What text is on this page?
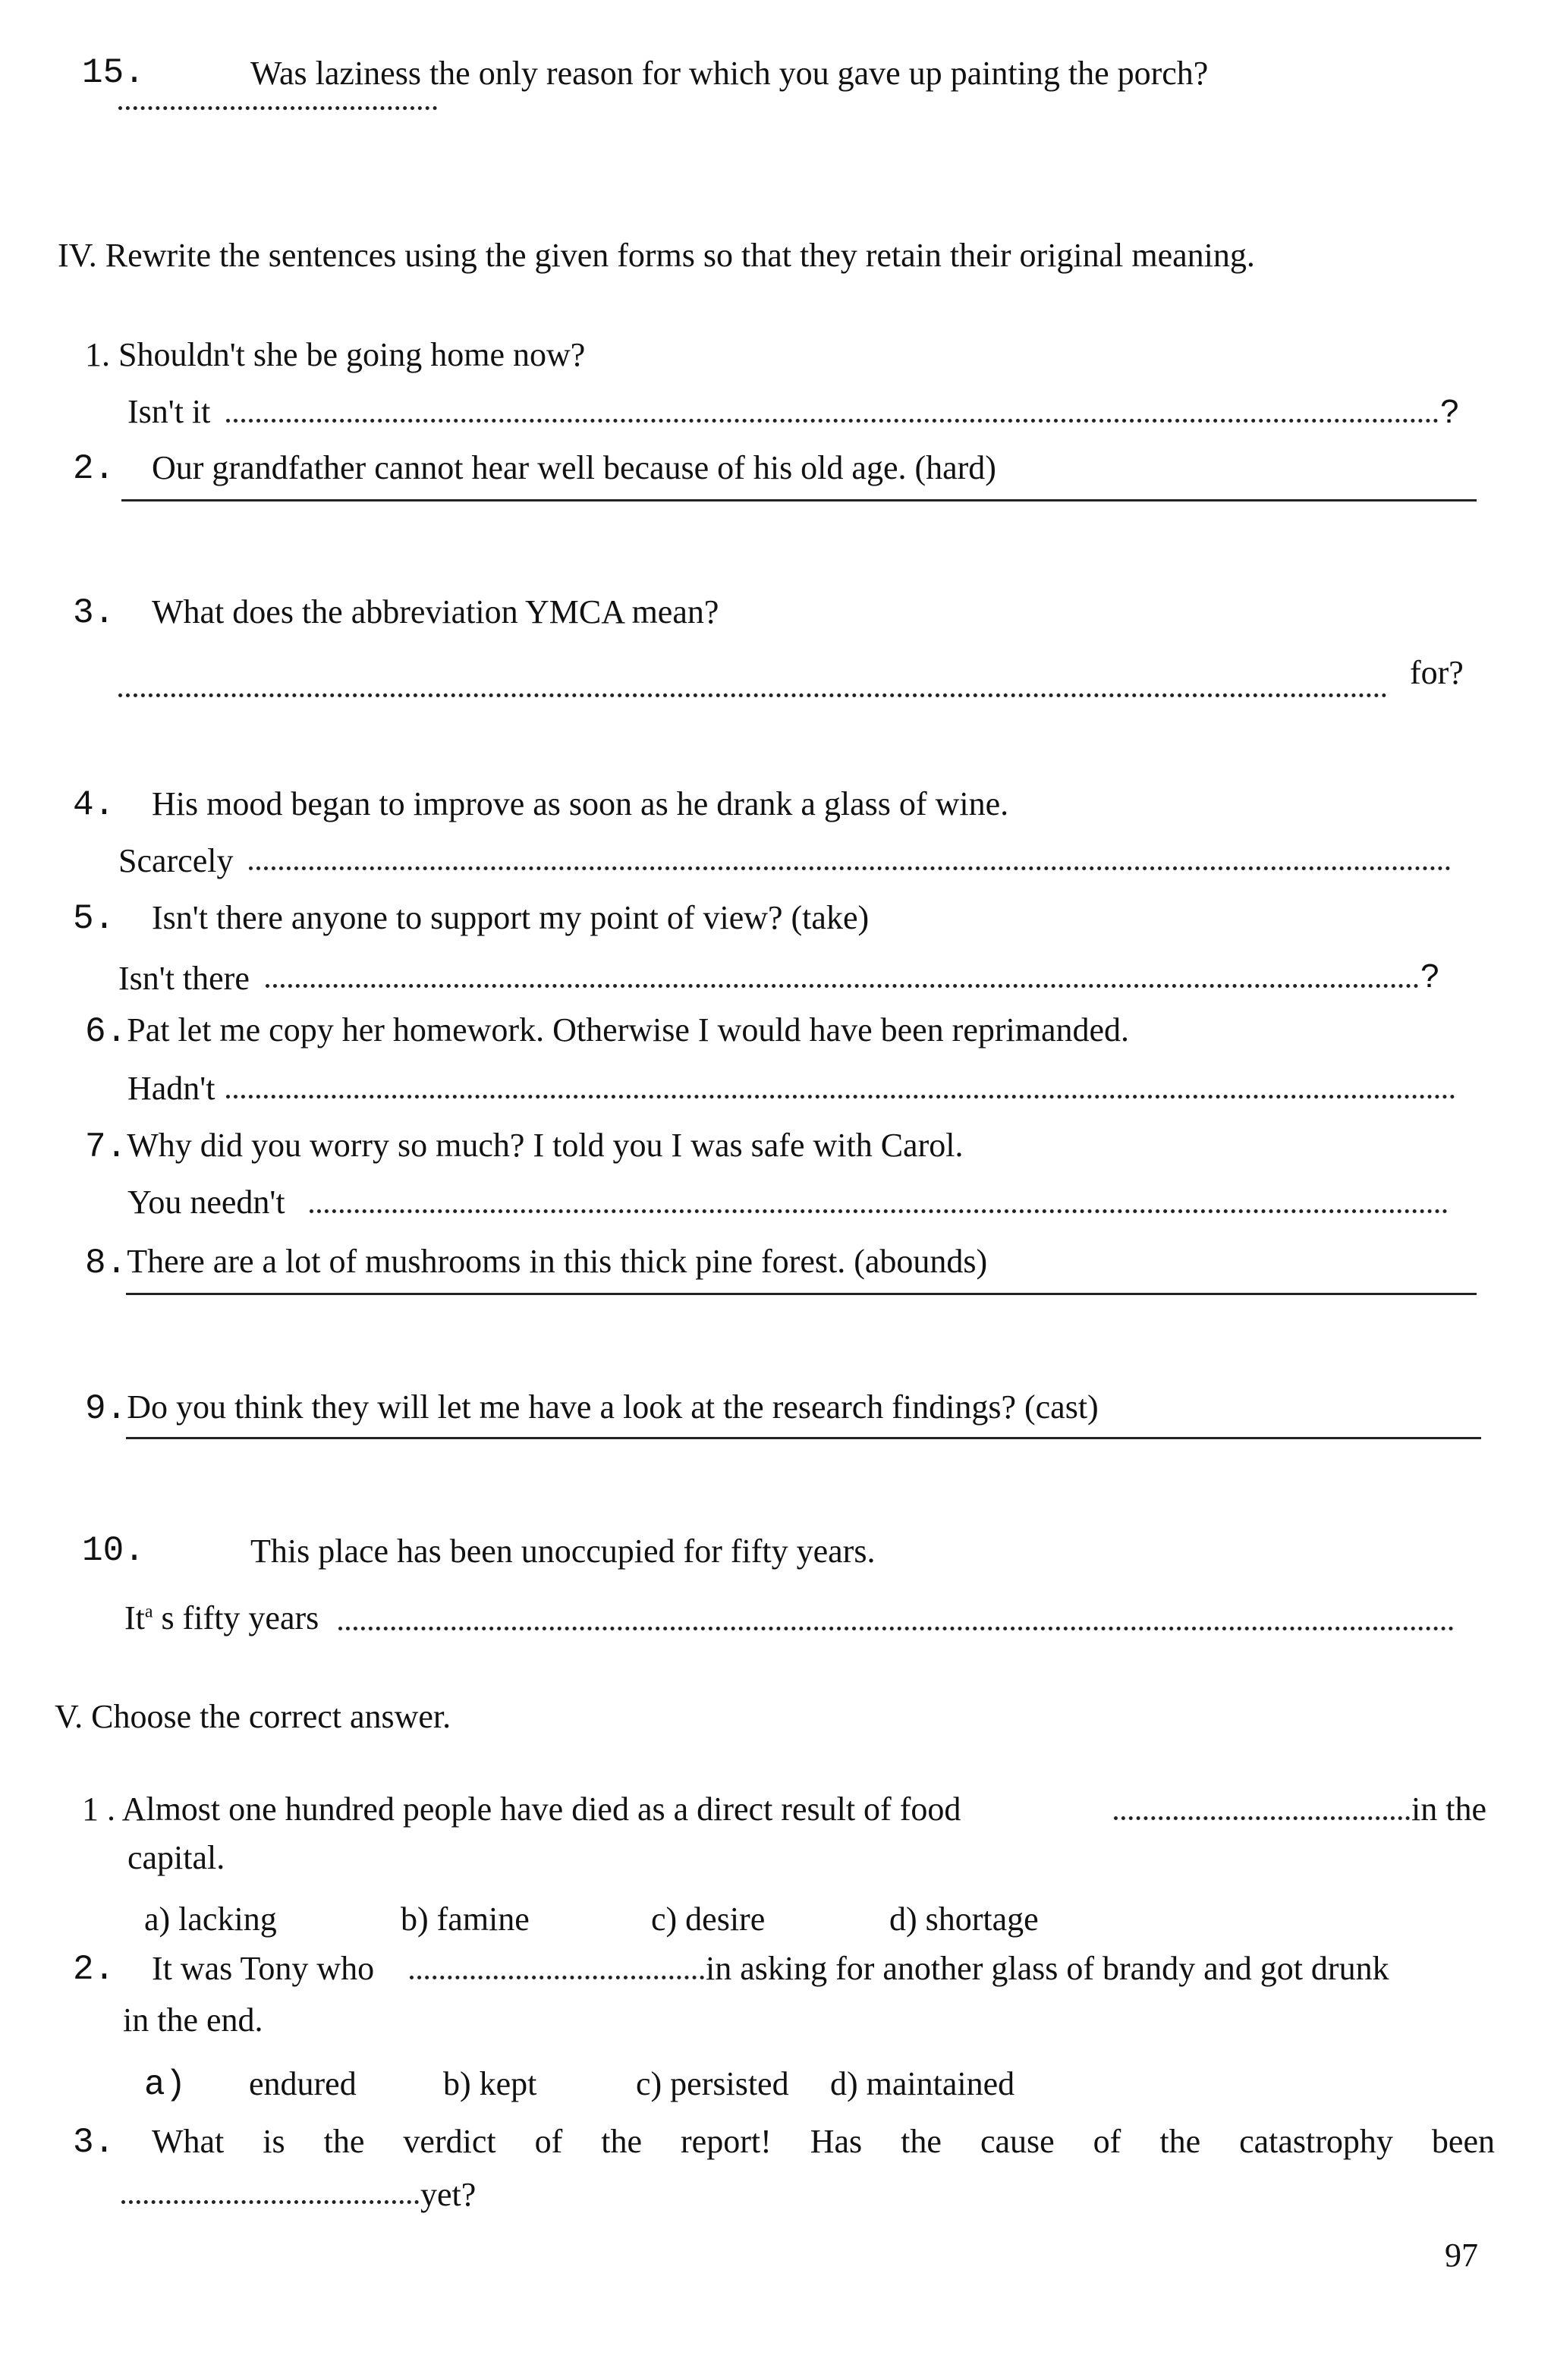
15.	Was laziness the only reason for which you gave up painting the porch?
IV. Rewrite the sentences using the given forms so that they retain their original meaning.
1. Shouldn't she be going home now?
Isn't it	?
2. Our grandfather cannot hear well because of his old age. (hard)
3. What does the abbreviation YMCA mean?
for?
4. His mood began to improve as soon as he drank a glass of wine.
Scarcely
5. Isn't there anyone to support my point of view? (take)
Isn't there	?
6.Pat let me copy her homework. Otherwise I would have been reprimanded.
Hadn't
7.Why did you worry so much? I told you I was safe with Carol.
You needn't
8.There are a lot of mushrooms in this thick pine forest. (abounds)
9.Do you think they will let me have a look at the research findings? (cast)
10.	This place has been unoccupied for fifty years.
It$^a$ s fifty years
V. Choose the correct answer.
1 . Almost one hundred people have died as a direct result of food	in the
capital.
a) lacking	b) famine	c) desire	d) shortage
2. It was Tony who	in asking for another glass of brandy and got drunk
in the end.
a) endured	b) kept	c) persisted d) maintained
3. What is the verdict of the report! Has the cause of the catastrophy been
yet?
97
